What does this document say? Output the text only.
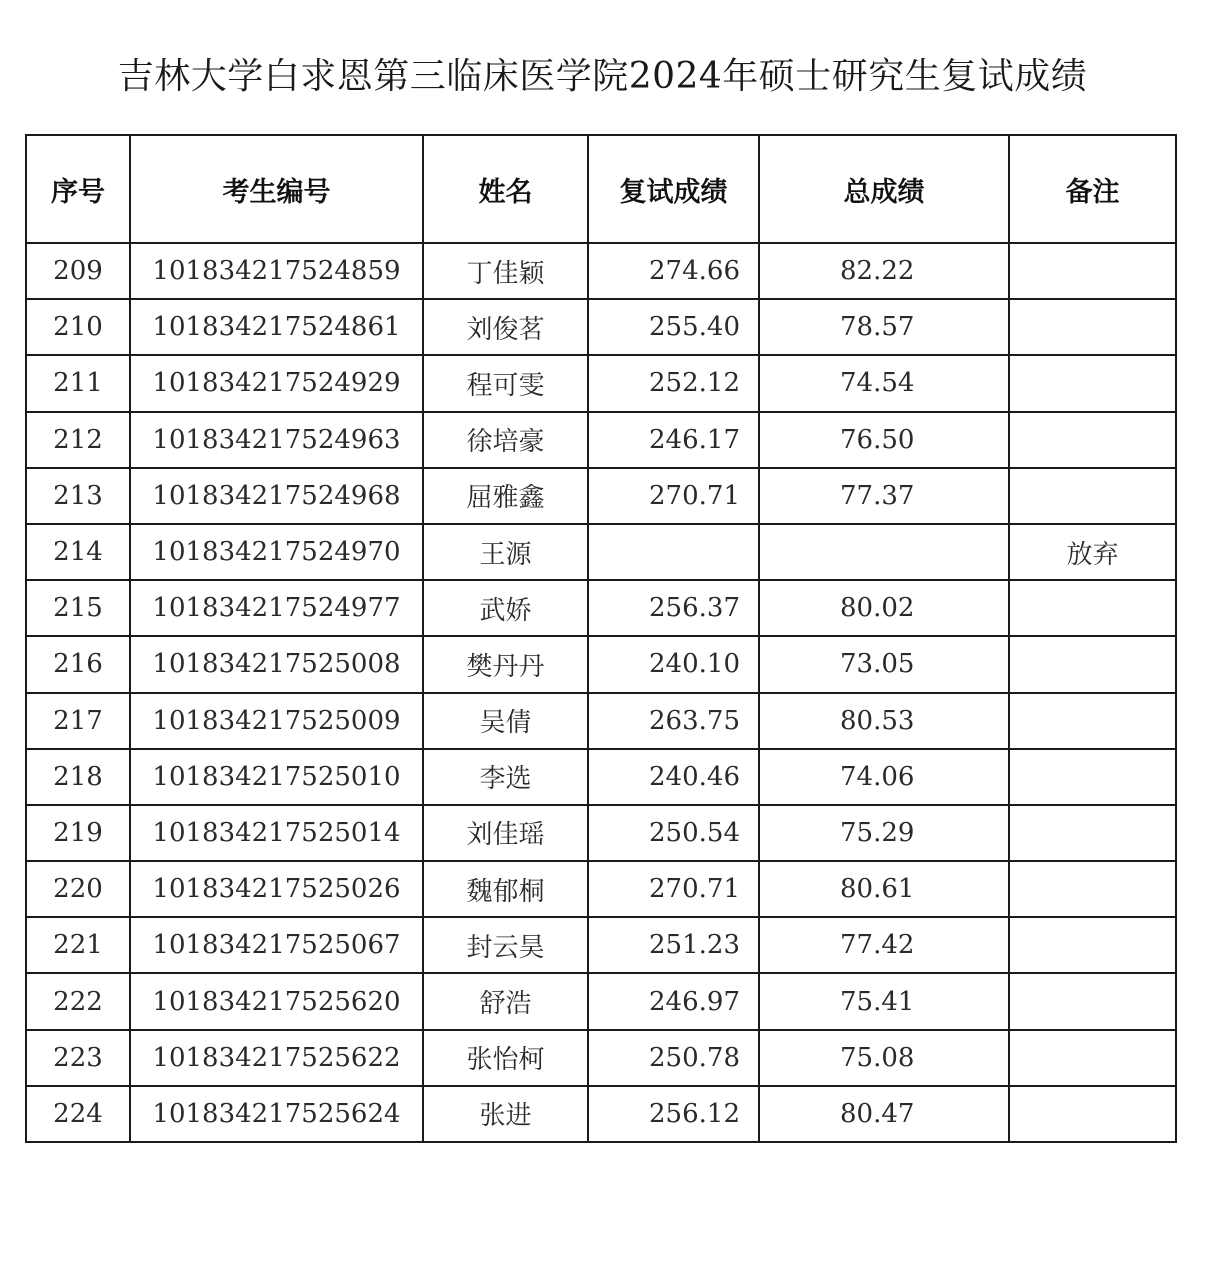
吉林大学白求恩第三临床医学院2024年硕士研究生复试成绩
序号	考生编号	姓名	复试成绩	总成绩	备注
209	101834217524859	丁佳颖	274.66	82.22	
210	101834217524861	刘俊茗	255.40	78.57	
211	101834217524929	程可雯	252.12	74.54	
212	101834217524963	徐培豪	246.17	76.50	
213	101834217524968	屈雅鑫	270.71	77.37	
214	101834217524970	王源			放弃
215	101834217524977	武娇	256.37	80.02	
216	101834217525008	樊丹丹	240.10	73.05	
217	101834217525009	吴倩	263.75	80.53	
218	101834217525010	李选	240.46	74.06	
219	101834217525014	刘佳瑶	250.54	75.29	
220	101834217525026	魏郁桐	270.71	80.61	
221	101834217525067	封云昊	251.23	77.42	
222	101834217525620	舒浩	246.97	75.41	
223	101834217525622	张怡柯	250.78	75.08	
224	101834217525624	张进	256.12	80.47	
